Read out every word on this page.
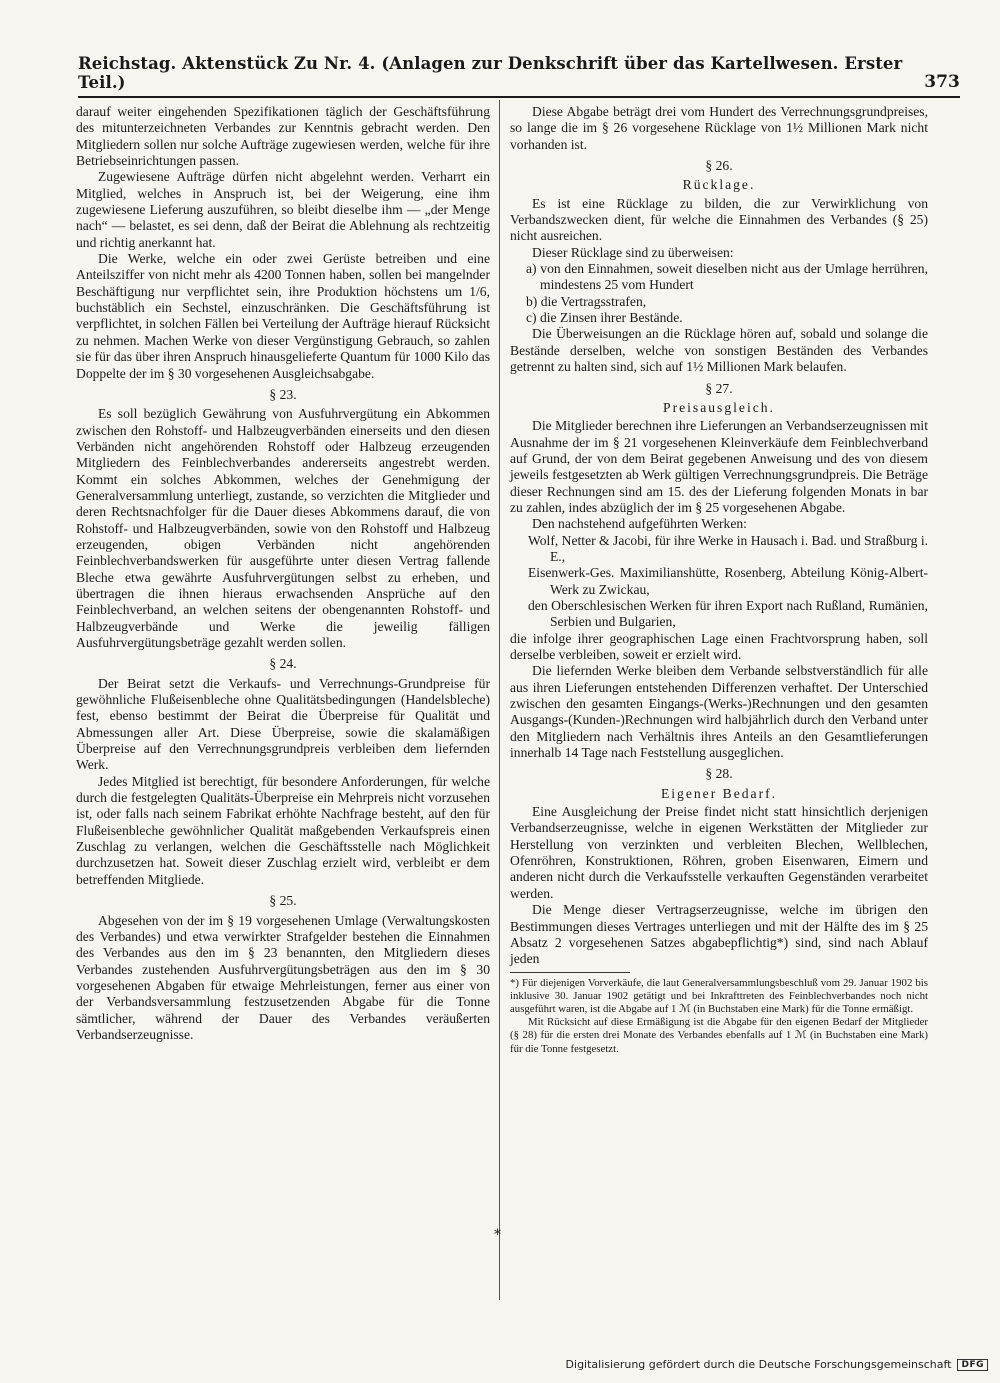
Reichstag. Aktenstück Zu Nr. 4. (Anlagen zur Denkschrift über das Kartellwesen. Erster Teil.)	373
*

darauf weiter eingehenden Spezifikationen täglich der Geschäftsführung des mitunterzeichneten Verbandes zur Kenntnis gebracht werden. Den Mitgliedern sollen nur solche Aufträge zugewiesen werden, welche für ihre Betriebseinrichtungen passen.

Zugewiesene Aufträge dürfen nicht abgelehnt werden. Verharrt ein Mitglied, welches in Anspruch ist, bei der Weigerung, eine ihm zugewiesene Lieferung auszuführen, so bleibt dieselbe ihm — „der Menge nach“ — belastet, es sei denn, daß der Beirat die Ablehnung als rechtzeitig und richtig anerkannt hat.

Die Werke, welche ein oder zwei Gerüste betreiben und eine Anteilsziffer von nicht mehr als 4200 Tonnen haben, sollen bei mangelnder Beschäftigung nur verpflichtet sein, ihre Produktion höchstens um 1/6, buchstäblich ein Sechstel, einzuschränken. Die Geschäftsführung ist verpflichtet, in solchen Fällen bei Verteilung der Aufträge hierauf Rücksicht zu nehmen. Machen Werke von dieser Vergünstigung Gebrauch, so zahlen sie für das über ihren Anspruch hinausgelieferte Quantum für 1000 Kilo das Doppelte der im § 30 vorgesehenen Ausgleichsabgabe.

§ 23.

Es soll bezüglich Gewährung von Ausfuhrvergütung ein Abkommen zwischen den Rohstoff- und Halbzeugverbänden einerseits und den diesen Verbänden nicht angehörenden Rohstoff oder Halbzeug erzeugenden Mitgliedern des Feinblechverbandes andererseits angestrebt werden. Kommt ein solches Abkommen, welches der Genehmigung der Generalversammlung unterliegt, zustande, so verzichten die Mitglieder und deren Rechtsnachfolger für die Dauer dieses Abkommens darauf, die von Rohstoff- und Halbzeugverbänden, sowie von den Rohstoff und Halbzeug erzeugenden, obigen Verbänden nicht angehörenden Feinblechverbandswerken für ausgeführte unter diesen Vertrag fallende Bleche etwa gewährte Ausfuhrvergütungen selbst zu erheben, und übertragen die ihnen hieraus erwachsenden Ansprüche auf den Feinblechverband, an welchen seitens der obengenannten Rohstoff- und Halbzeugverbände und Werke die jeweilig fälligen Ausfuhrvergütungsbeträge gezahlt werden sollen.

§ 24.

Der Beirat setzt die Verkaufs- und Verrechnungs-Grundpreise für gewöhnliche Flußeisenbleche ohne Qualitätsbedingungen (Handelsbleche) fest, ebenso bestimmt der Beirat die Überpreise für Qualität und Abmessungen aller Art. Diese Überpreise, sowie die skalamäßigen Überpreise auf den Verrechnungsgrundpreis verbleiben dem liefernden Werk.

Jedes Mitglied ist berechtigt, für besondere Anforderungen, für welche durch die festgelegten Qualitäts-Überpreise ein Mehrpreis nicht vorzusehen ist, oder falls nach seinem Fabrikat erhöhte Nachfrage besteht, auf den für Flußeisenbleche gewöhnlicher Qualität maßgebenden Verkaufspreis einen Zuschlag zu verlangen, welchen die Geschäftsstelle nach Möglichkeit durchzusetzen hat. Soweit dieser Zuschlag erzielt wird, verbleibt er dem betreffenden Mitgliede.

§ 25.

Abgesehen von der im § 19 vorgesehenen Umlage (Verwaltungskosten des Verbandes) und etwa verwirkter Strafgelder bestehen die Einnahmen des Verbandes aus den im § 23 benannten, den Mitgliedern dieses Verbandes zustehenden Ausfuhrvergütungsbeträgen aus den im § 30 vorgesehenen Abgaben für etwaige Mehrleistungen, ferner aus einer von der Verbandsversammlung festzusetzenden Abgabe für die Tonne sämtlicher, während der Dauer des Verbandes veräußerten Verbandserzeugnisse.

Diese Abgabe beträgt drei vom Hundert des Verrechnungsgrundpreises, so lange die im § 26 vorgesehene Rücklage von 1½ Millionen Mark nicht vorhanden ist.

§ 26.

Rücklage.

Es ist eine Rücklage zu bilden, die zur Verwirklichung von Verbandszwecken dient, für welche die Einnahmen des Verbandes (§ 25) nicht ausreichen.

Dieser Rücklage sind zu überweisen:

a) von den Einnahmen, soweit dieselben nicht aus der Umlage herrühren, mindestens 25 vom Hundert

b) die Vertragsstrafen,

c) die Zinsen ihrer Bestände.

Die Überweisungen an die Rücklage hören auf, sobald und solange die Bestände derselben, welche von sonstigen Beständen des Verbandes getrennt zu halten sind, sich auf 1½ Millionen Mark belaufen.

§ 27.

Preisausgleich.

Die Mitglieder berechnen ihre Lieferungen an Verbandserzeugnissen mit Ausnahme der im § 21 vorgesehenen Kleinverkäufe dem Feinblechverband auf Grund, der von dem Beirat gegebenen Anweisung und des von diesem jeweils festgesetzten ab Werk gültigen Verrechnungsgrundpreis. Die Beträge dieser Rechnungen sind am 15. des der Lieferung folgenden Monats in bar zu zahlen, indes abzüglich der im § 25 vorgesehenen Abgabe.

Den nachstehend aufgeführten Werken:

Wolf, Netter & Jacobi, für ihre Werke in Hausach i. Bad. und Straßburg i. E.,

Eisenwerk-Ges. Maximilianshütte, Rosenberg, Abteilung König-Albert-Werk zu Zwickau,

den Oberschlesischen Werken für ihren Export nach Rußland, Rumänien, Serbien und Bulgarien,

die infolge ihrer geographischen Lage einen Frachtvorsprung haben, soll derselbe verbleiben, soweit er erzielt wird.

Die liefernden Werke bleiben dem Verbande selbstverständlich für alle aus ihren Lieferungen entstehenden Differenzen verhaftet. Der Unterschied zwischen den gesamten Eingangs-(Werks-)Rechnungen und den gesamten Ausgangs-(Kunden-)Rechnungen wird halbjährlich durch den Verband unter den Mitgliedern nach Verhältnis ihres Anteils an den Gesamtlieferungen innerhalb 14 Tage nach Feststellung ausgeglichen.

§ 28.

Eigener Bedarf.

Eine Ausgleichung der Preise findet nicht statt hinsichtlich derjenigen Verbandserzeugnisse, welche in eigenen Werkstätten der Mitglieder zur Herstellung von verzinkten und verbleiten Blechen, Wellblechen, Ofenröhren, Konstruktionen, Röhren, groben Eisenwaren, Eimern und anderen nicht durch die Verkaufsstelle verkauften Gegenständen verarbeitet werden.

Die Menge dieser Vertragserzeugnisse, welche im übrigen den Bestimmungen dieses Vertrages unterliegen und mit der Hälfte des im § 25 Absatz 2 vorgesehenen Satzes abgabepflichtig*) sind, sind nach Ablauf jeden

*) Für diejenigen Vorverkäufe, die laut Generalversammlungsbeschluß vom 29. Januar 1902 bis inklusive 30. Januar 1902 getätigt und bei Inkrafttreten des Feinblechverbandes noch nicht ausgeführt waren, ist die Abgabe auf 1 ℳ (in Buchstaben eine Mark) für die Tonne ermäßigt.

Mit Rücksicht auf diese Ermäßigung ist die Abgabe für den eigenen Bedarf der Mitglieder (§ 28) für die ersten drei Monate des Verbandes ebenfalls auf 1 ℳ (in Buchstaben eine Mark) für die Tonne festgesetzt.

Digitalisierung gefördert durch die Deutsche Forschungsgemeinschaft	DFG
